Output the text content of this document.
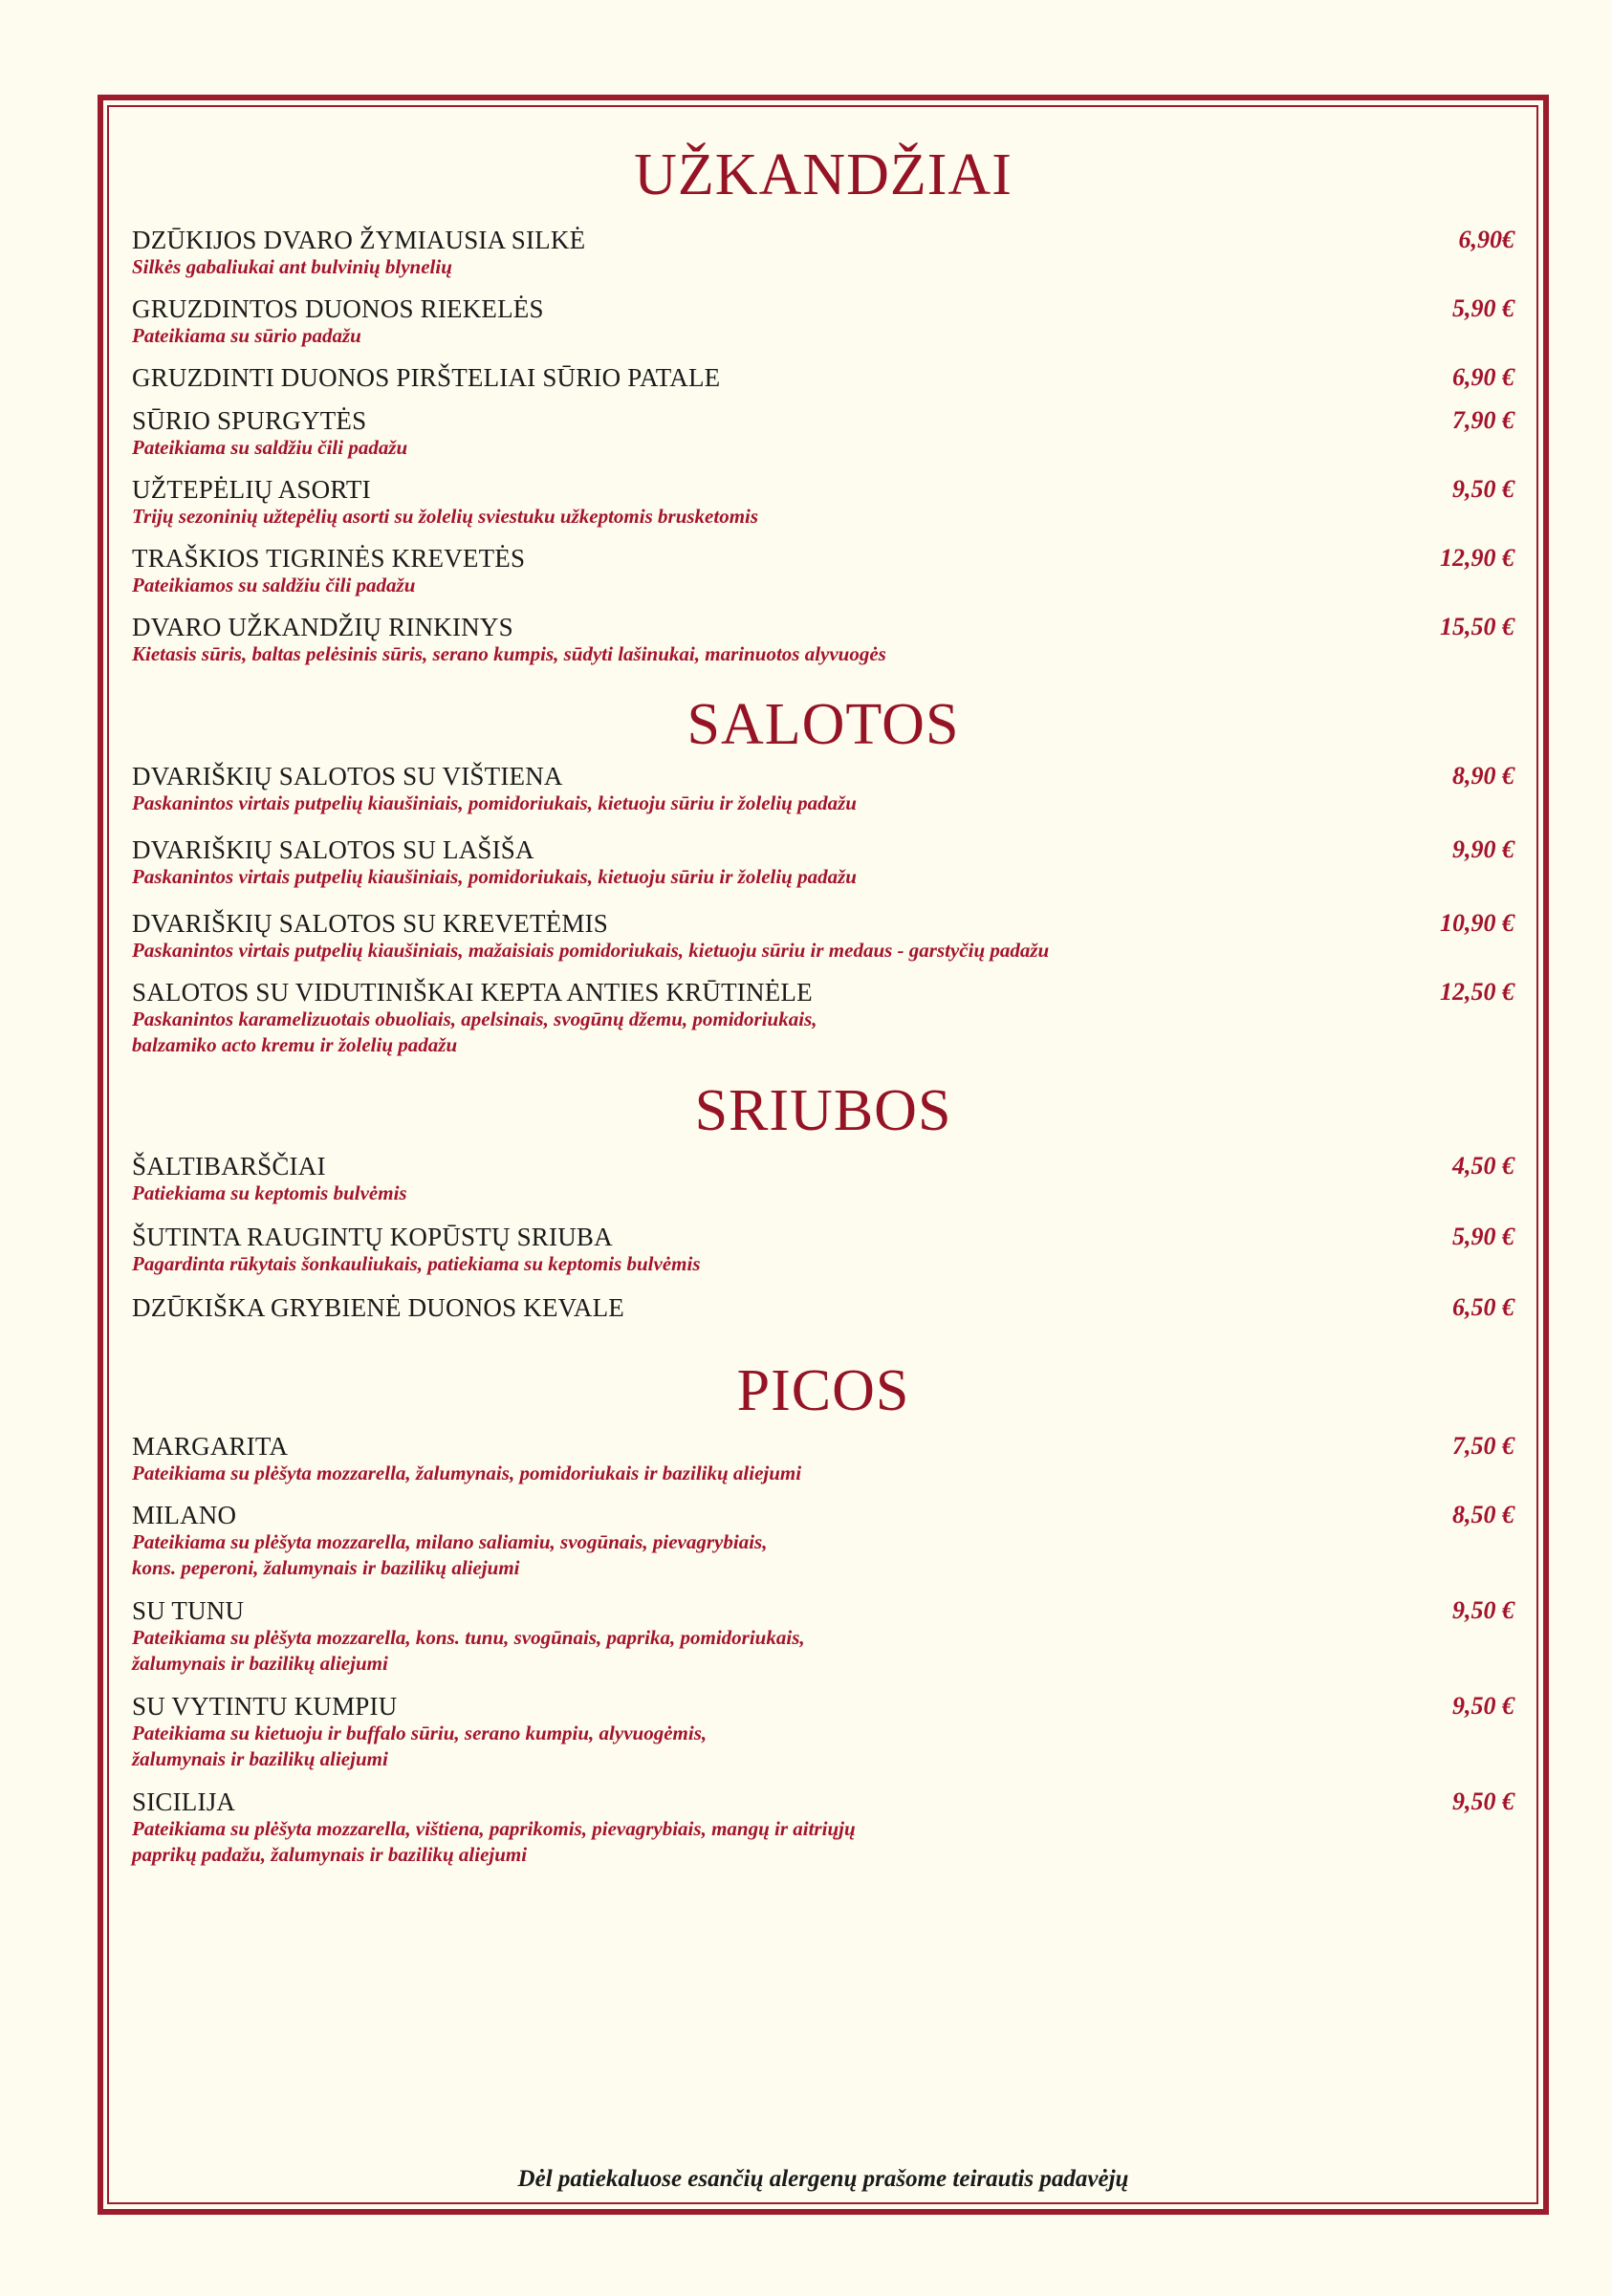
UŽKANDŽIAI
DZŪKIJOS DVARO ŽYMIAUSIA SILKĖ
Silkės gabaliukai ant bulvinių blynelių
6,90€
GRUZDINTOS DUONOS RIEKELĖS
Pateikiama su sūrio padažu
5,90 €
GRUZDINTI DUONOS PIRŠTELIAI SŪRIO PATALE	6,90 €
SŪRIO SPURGYTĖS
Pateikiama su saldžiu čili padažu
7,90 €
UŽTEPĖLIŲ ASORTI
Trijų sezoninių užtepėlių asorti su žolelių sviestuku užkeptomis brusketomis
9,50 €
TRAŠKIOS TIGRINĖS KREVETĖS
Pateikiamos su saldžiu čili padažu
12,90 €
DVARO UŽKANDŽIŲ RINKINYS
Kietasis sūris, baltas pelėsinis sūris, serano kumpis, sūdyti lašinukai, marinuotos alyvuogės
15,50 €
SALOTOS
DVARIŠKIŲ SALOTOS SU VIŠTIENA
Paskanintos virtais putpelių kiaušiniais, pomidoriukais, kietuoju sūriu ir žolelių padažu
8,90 €
DVARIŠKIŲ SALOTOS SU LAŠIŠA
Paskanintos virtais putpelių kiaušiniais, pomidoriukais, kietuoju sūriu ir žolelių padažu
9,90 €
DVARIŠKIŲ SALOTOS SU KREVETĖMIS
Paskanintos virtais putpelių kiaušiniais, mažaisiais pomidoriukais, kietuoju sūriu ir medaus - garstyčių padažu
10,90 €
SALOTOS SU VIDUTINIŠKAI KEPTA ANTIES KRŪTINĖLE
Paskanintos karamelizuotais obuoliais, apelsinais, svogūnų džemu, pomidoriukais,
balzamiko acto kremu ir žolelių padažu
12,50 €
SRIUBOS
ŠALTIBARŠČIAI
Patiekiama su keptomis bulvėmis
4,50 €
ŠUTINTA RAUGINTŲ KOPŪSTŲ SRIUBA
Pagardinta rūkytais šonkauliukais, patiekiama su keptomis bulvėmis
5,90 €
DZŪKIŠKA GRYBIENĖ DUONOS KEVALE	6,50 €
PICOS
MARGARITA
Pateikiama su plėšyta mozzarella, žalumynais, pomidoriukais ir bazilikų aliejumi
7,50 €
MILANO
Pateikiama su plėšyta mozzarella, milano saliamiu, svogūnais, pievagrybiais,
kons. peperoni, žalumynais ir bazilikų aliejumi
8,50 €
SU TUNU
Pateikiama su plėšyta mozzarella, kons. tunu, svogūnais, paprika, pomidoriukais,
žalumynais ir bazilikų aliejumi
9,50 €
SU VYTINTU KUMPIU
Pateikiama su kietuoju ir buffalo sūriu, serano kumpiu, alyvuogėmis,
žalumynais ir bazilikų aliejumi
9,50 €
SICILIJA
Pateikiama su plėšyta mozzarella, vištiena, paprikomis, pievagrybiais, mangų ir aitriųjų
paprikų padažu, žalumynais ir bazilikų aliejumi
9,50 €
Dėl patiekaluose esančių alergenų prašome teirautis padavėjų
